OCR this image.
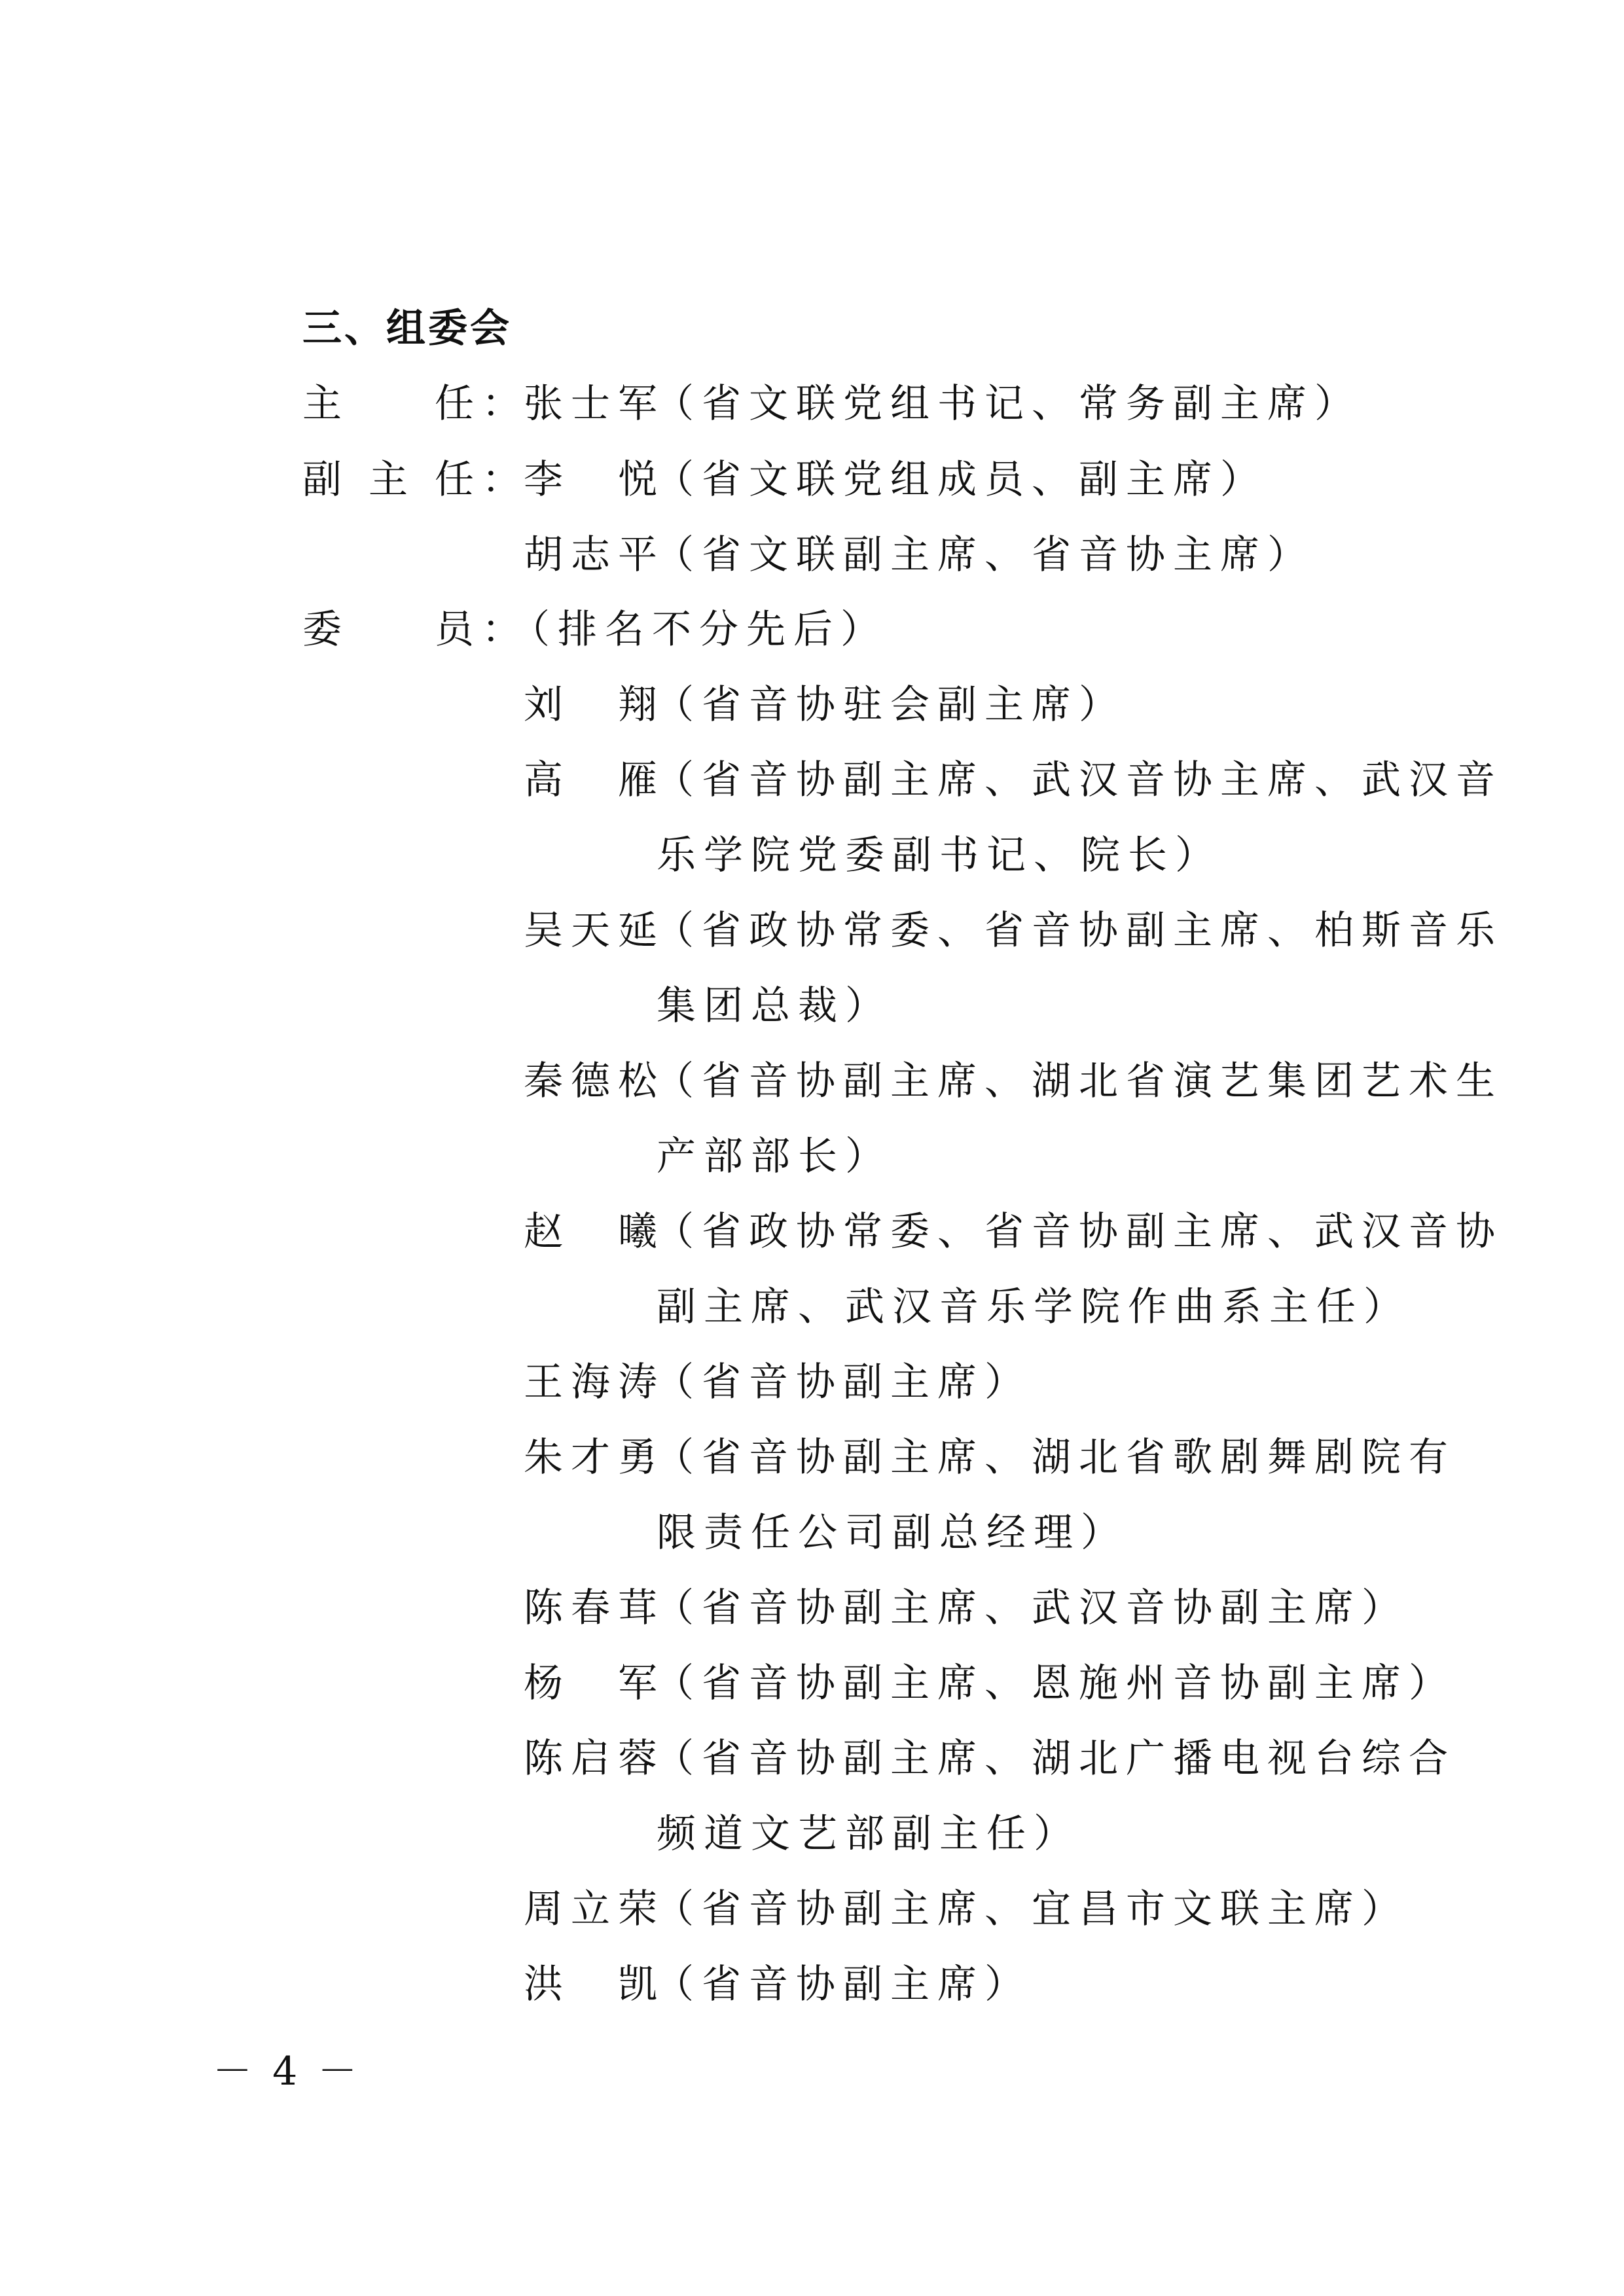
三、组委会
主 任：
张士军
（省文联党组书记、常务副主席）
副 主 任：
李　悦
（省文联党组成员、副主席）
胡志平
（省文联副主席、省音协主席）
委 员：
（排名不分先后）
刘　翔
（省音协驻会副主席）
高　雁
（省音协副主席、武汉音协主席、武汉音
乐学院党委副书记、院长）
吴天延
（省政协常委、省音协副主席、柏斯音乐
集团总裁）
秦德松
（省音协副主席、湖北省演艺集团艺术生
产部部长）
赵　曦
（省政协常委、省音协副主席、武汉音协
副主席、武汉音乐学院作曲系主任）
王海涛
（省音协副主席）
朱才勇
（省音协副主席、湖北省歌剧舞剧院有
限责任公司副总经理）
陈春茸
（省音协副主席、武汉音协副主席）
杨　军
（省音协副主席、恩施州音协副主席）
陈启蓉
（省音协副主席、湖北广播电视台综合
频道文艺部副主任）
周立荣
（省音协副主席、宜昌市文联主席）
洪　凯
（省音协副主席）
－ 4 －
